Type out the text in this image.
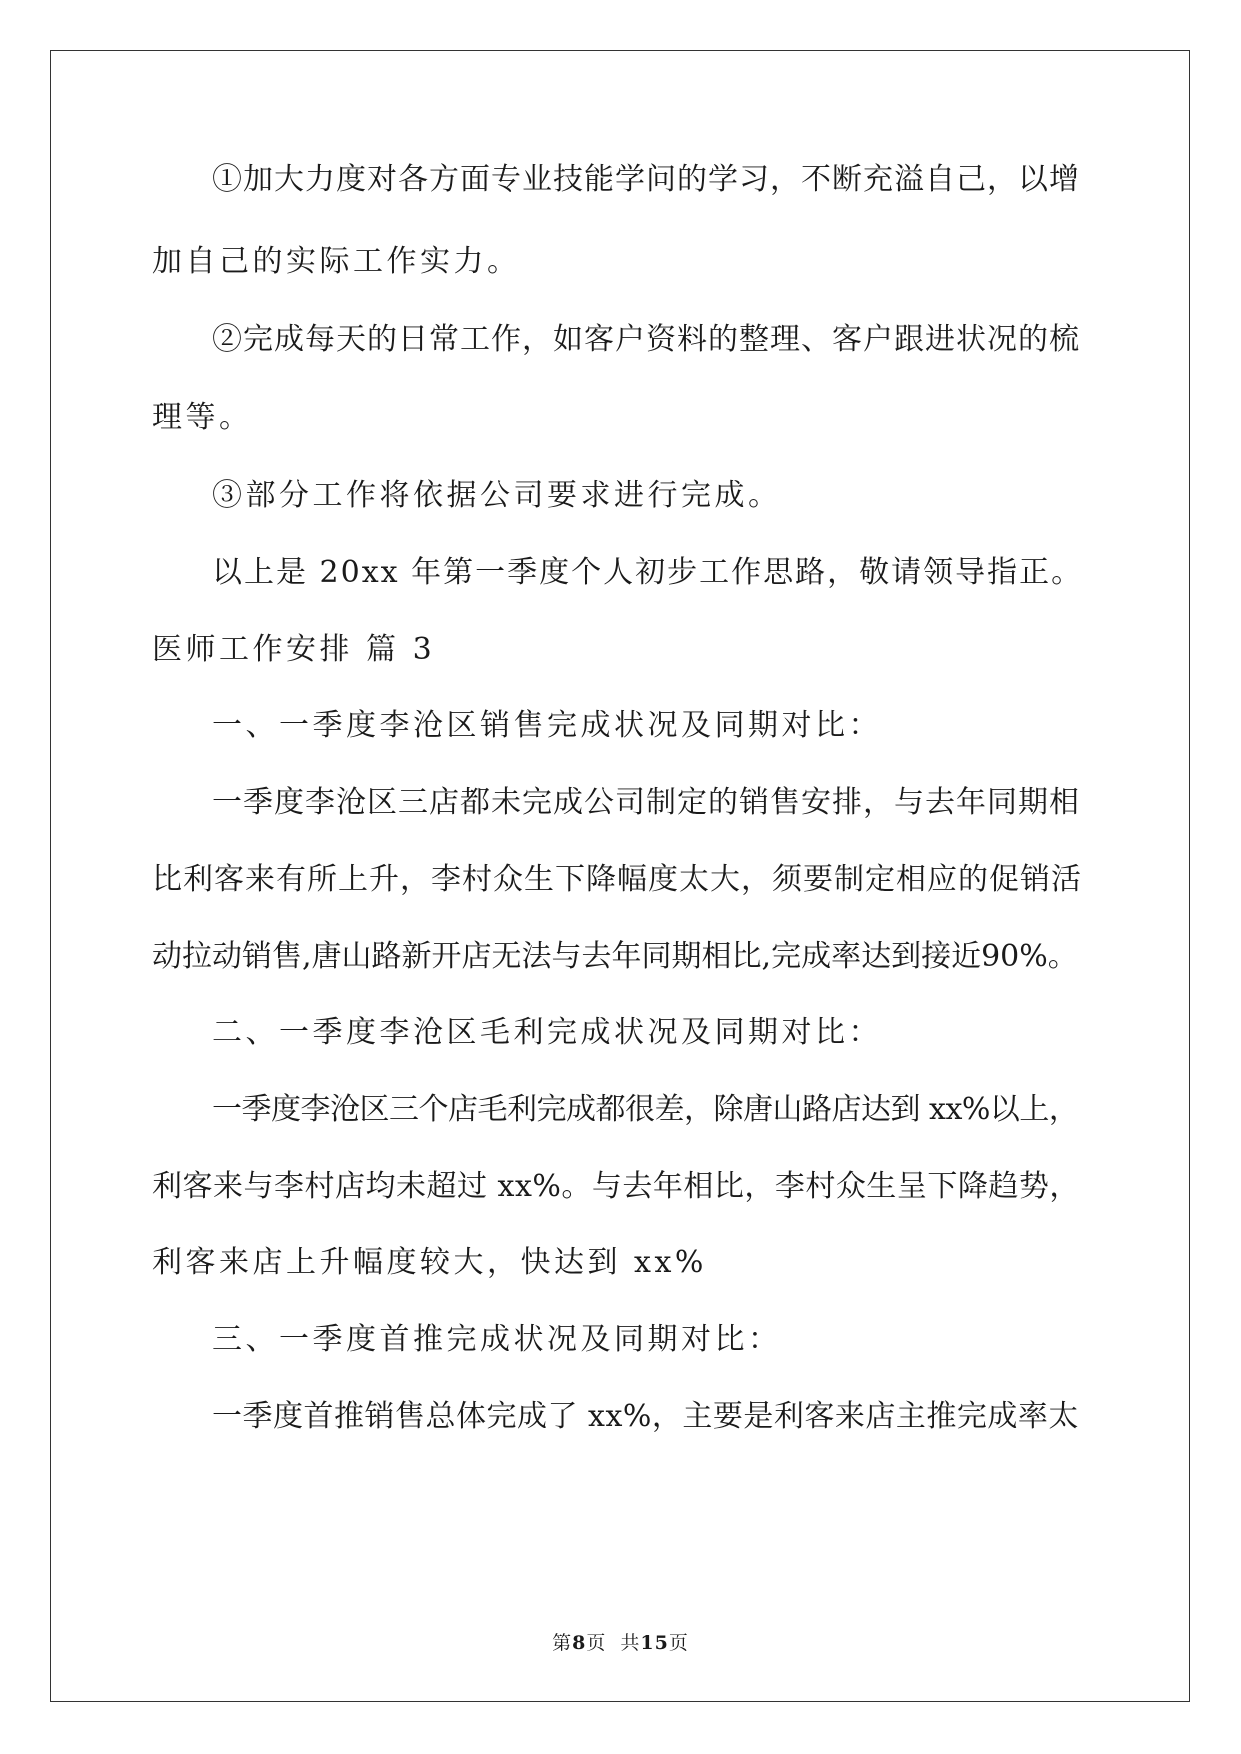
①加大力度对各方面专业技能学问的学习，不断充溢自己，以增
加自己的实际工作实力。
②完成每天的日常工作，如客户资料的整理、客户跟进状况的梳
理等。
③部分工作将依据公司要求进行完成。
以上是 20xx 年第一季度个人初步工作思路，敬请领导指正。
医师工作安排 篇 3
一、一季度李沧区销售完成状况及同期对比：
一季度李沧区三店都未完成公司制定的销售安排，与去年同期相
比利客来有所上升，李村众生下降幅度太大，须要制定相应的促销活
动拉动销售,唐山路新开店无法与去年同期相比,完成率达到接近90%。
二、一季度李沧区毛利完成状况及同期对比：
一季度李沧区三个店毛利完成都很差，除唐山路店达到 xx%以上，
利客来与李村店均未超过 xx%。与去年相比，李村众生呈下降趋势，
利客来店上升幅度较大，快达到 xx%
三、一季度首推完成状况及同期对比：
一季度首推销售总体完成了 xx%，主要是利客来店主推完成率太
第8页 共15页
